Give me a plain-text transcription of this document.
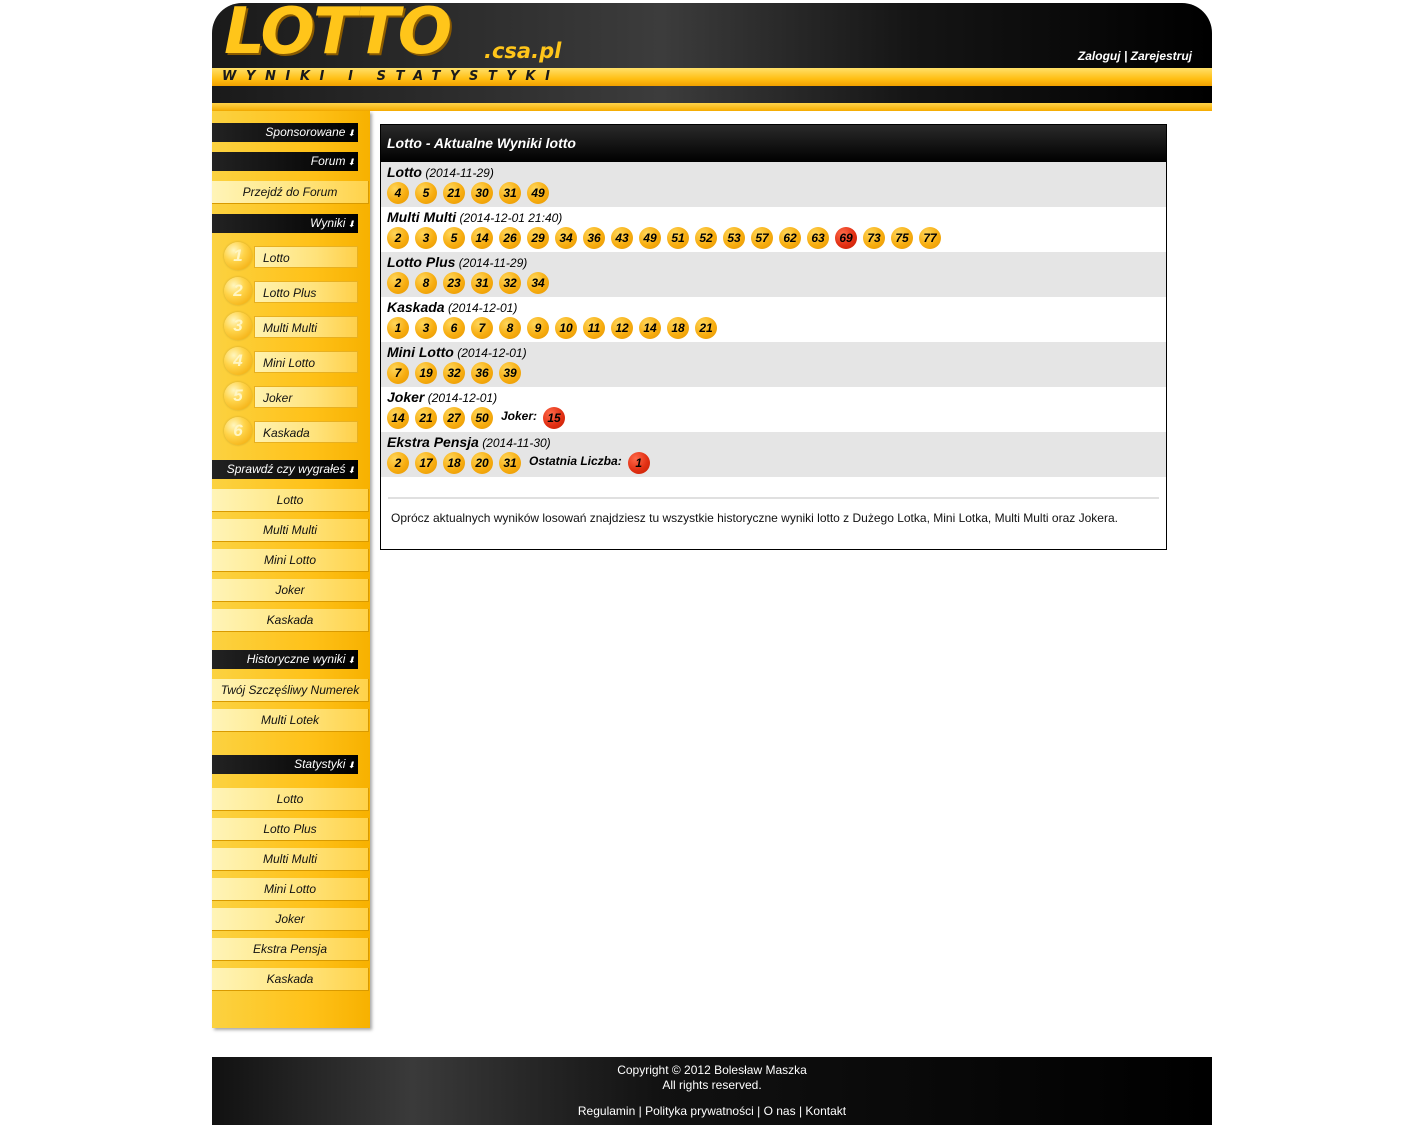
LOTTO .csa.pl
WYNIKI I STATYSTYKI
Zaloguj | Zarejestruj
Sponsorowane ⬇
Forum ⬇
Przejdź do Forum
Wyniki ⬇
1	Lotto
2	Lotto Plus
3	Multi Multi
4	Mini Lotto
5	Joker
6	Kaskada
Sprawdź czy wygrałeś ⬇
Lotto
Multi Multi
Mini Lotto
Joker
Kaskada
Historyczne wyniki ⬇
Twój Szczęśliwy Numerek
Multi Lotek
Statystyki ⬇
Lotto
Lotto Plus
Multi Multi
Mini Lotto
Joker
Ekstra Pensja
Kaskada
Lotto - Aktualne Wyniki lotto
Lotto (2014-11-29)
4 5 21 30 31 49
Multi Multi (2014-12-01 21:40)
2 3 5 14 26 29 34 36 43 49 51 52 53 57 62 63 69 73 75 77
Lotto Plus (2014-11-29)
2 8 23 31 32 34
Kaskada (2014-12-01)
1 3 6 7 8 9 10 11 12 14 18 21
Mini Lotto (2014-12-01)
7 19 32 36 39
Joker (2014-12-01)
14 21 27 50 Joker: 15
Ekstra Pensja (2014-11-30)
2 17 18 20 31 Ostatnia Liczba: 1
Oprócz aktualnych wyników losowań znajdziesz tu wszystkie historyczne wyniki lotto z Dużego Lotka, Mini Lotka, Multi Multi oraz Jokera.
Copyright © 2012 Bolesław Maszka
All rights reserved.
Regulamin | Polityka prywatności | O nas | Kontakt
